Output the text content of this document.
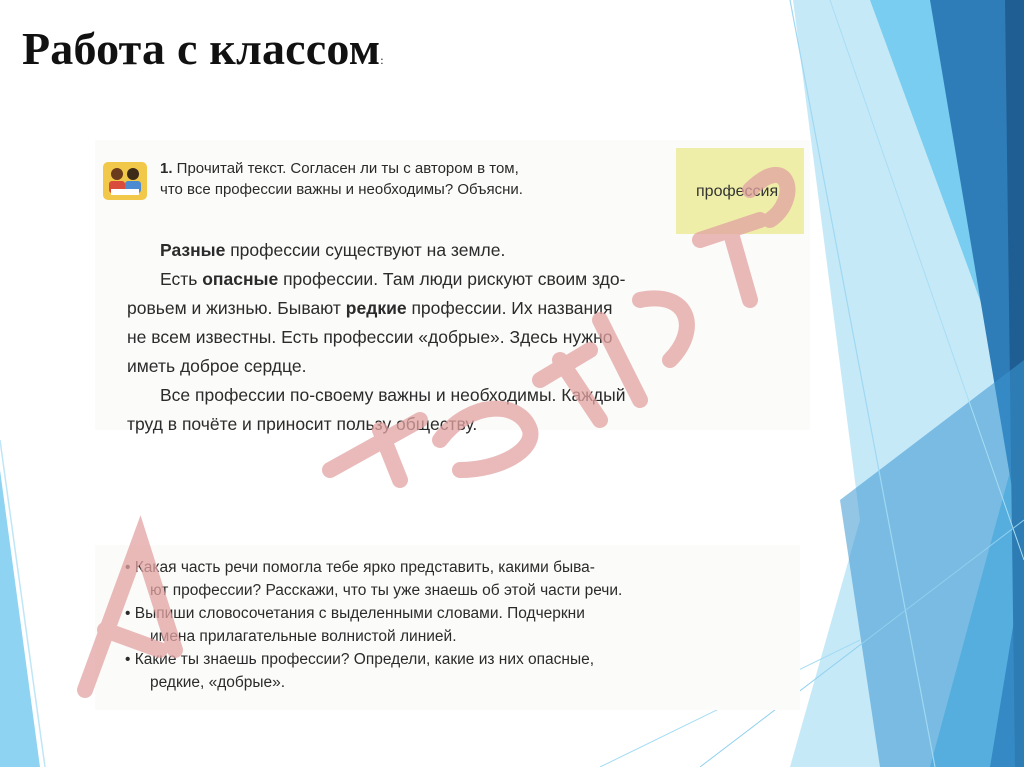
Работа с классом:
1. Прочитай текст. Согласен ли ты с автором в том,
что все профессии важны и необходимы? Объясни.	профессия

Разные профессии существуют на земле.

Есть опасные профессии. Там люди рискуют своим здо-

ровьем и жизнью. Бывают редкие профессии. Их названия

не всем известны. Есть профессии «добрые». Здесь нужно

иметь доброе сердце.

Все профессии по-своему важны и необходимы. Каждый

труд в почёте и приносит пользу обществу.

• Какая часть речи помогла тебе ярко представить, какими быва-

ют профессии? Расскажи, что ты уже знаешь об этой части речи.

• Выпиши словосочетания с выделенными словами. Подчеркни

имена прилагательные волнистой линией.

• Какие ты знаешь профессии? Определи, какие из них опасные,

редкие, «добрые».
